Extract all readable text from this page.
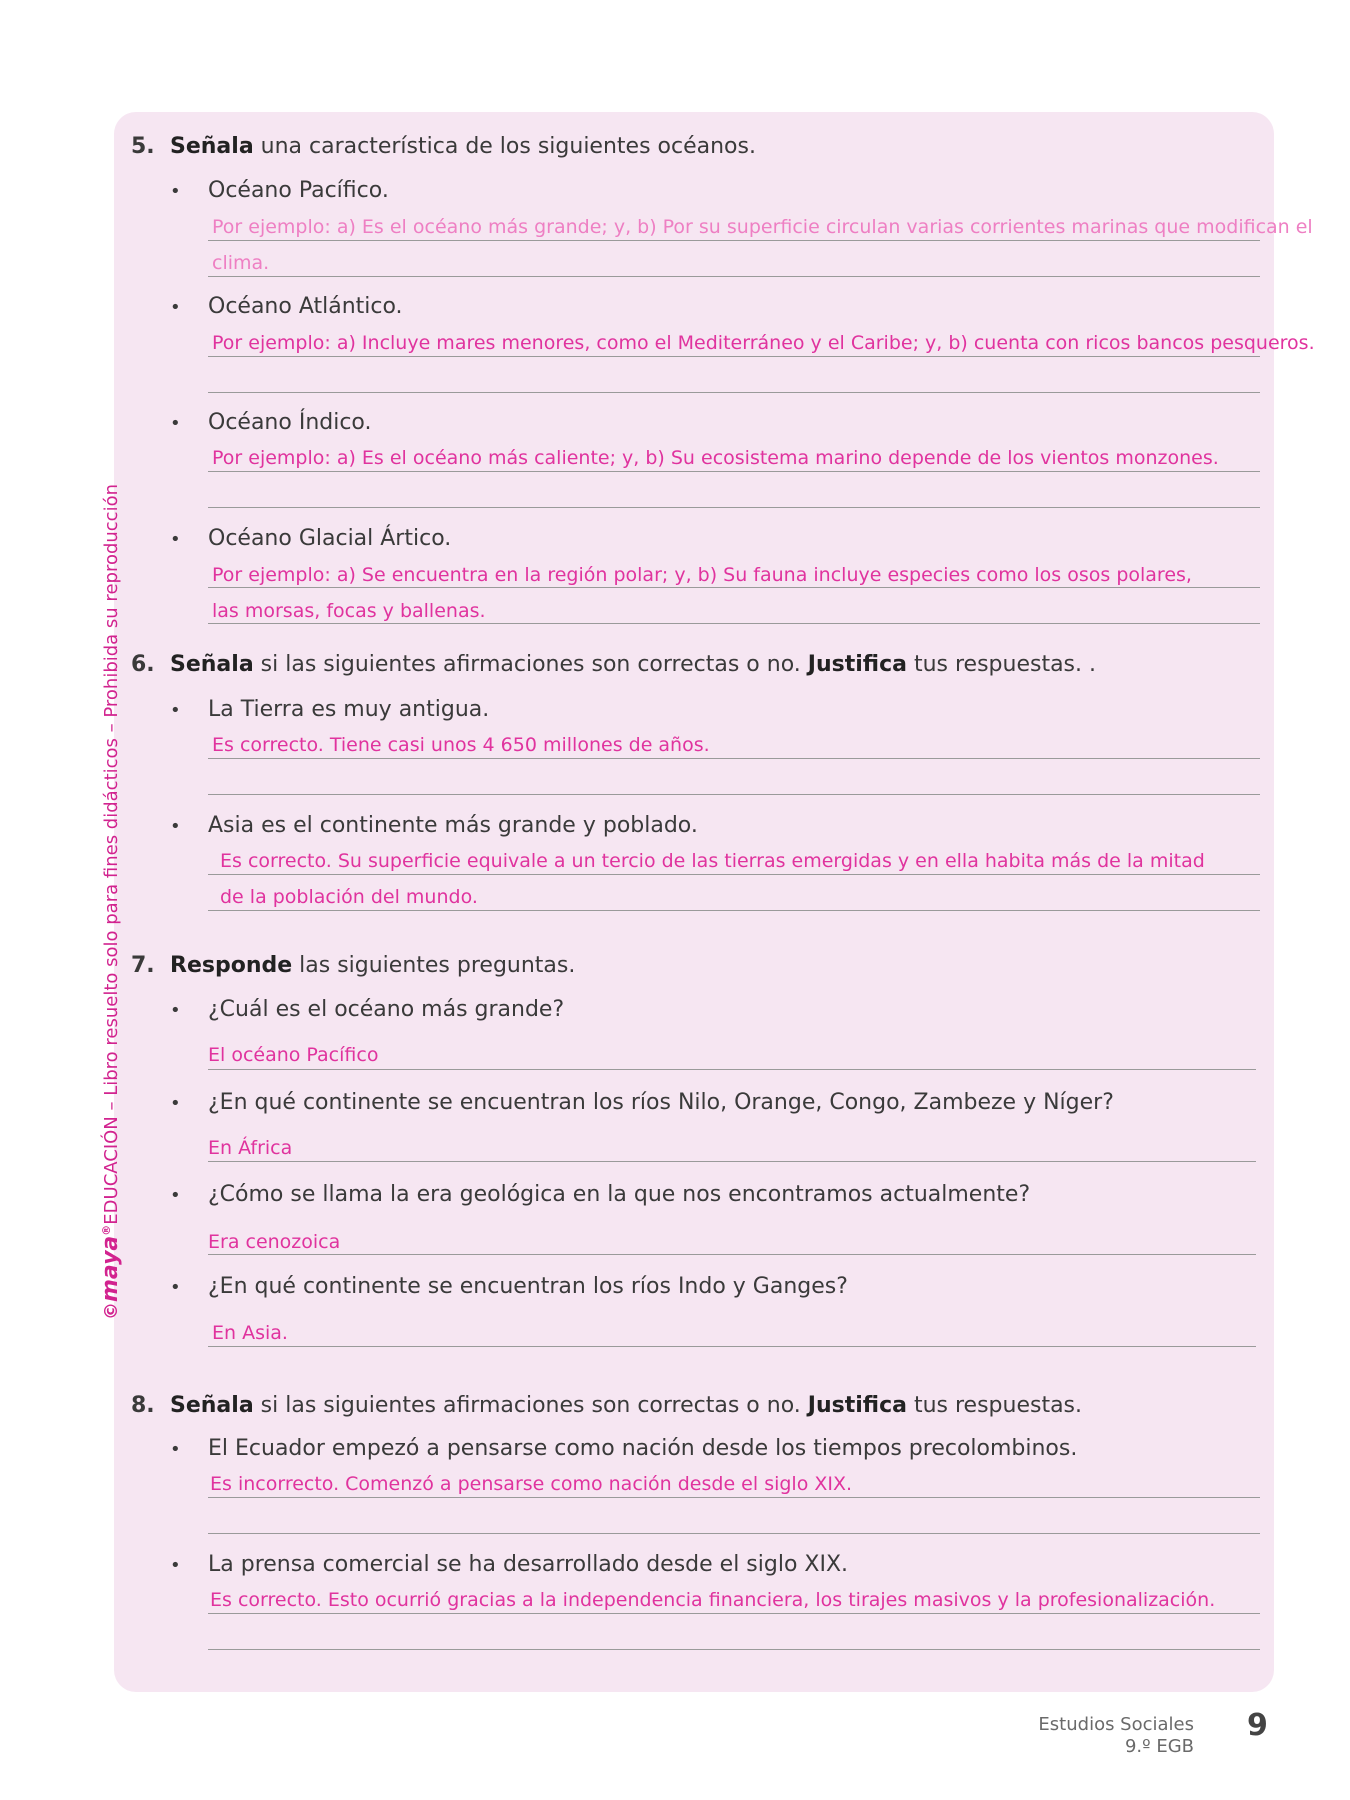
©maya®EDUCACIÓN – Libro resuelto solo para fines didácticos – Prohibida su reproducción
5. Señala una característica de los siguientes océanos.
• Océano Pacífico.
Por ejemplo: a) Es el océano más grande; y, b) Por su superficie circulan varias corrientes marinas que modifican el
clima.
• Océano Atlántico.
Por ejemplo: a) Incluye mares menores, como el Mediterráneo y el Caribe; y, b) cuenta con ricos bancos pesqueros.
• Océano Índico.
Por ejemplo: a) Es el océano más caliente; y, b) Su ecosistema marino depende de los vientos monzones.
• Océano Glacial Ártico.
Por ejemplo: a) Se encuentra en la región polar; y, b) Su fauna incluye especies como los osos polares,
las morsas, focas y ballenas.
6. Señala si las siguientes afirmaciones son correctas o no. Justifica tus respuestas. .
• La Tierra es muy antigua.
Es correcto. Tiene casi unos 4 650 millones de años.
• Asia es el continente más grande y poblado.
Es correcto. Su superficie equivale a un tercio de las tierras emergidas y en ella habita más de la mitad
de la población del mundo.
7. Responde las siguientes preguntas.
• ¿Cuál es el océano más grande?
El océano Pacífico
• ¿En qué continente se encuentran los ríos Nilo, Orange, Congo, Zambeze y Níger?
En África
• ¿Cómo se llama la era geológica en la que nos encontramos actualmente?
Era cenozoica
• ¿En qué continente se encuentran los ríos Indo y Ganges?
En Asia.
8. Señala si las siguientes afirmaciones son correctas o no. Justifica tus respuestas.
• El Ecuador empezó a pensarse como nación desde los tiempos precolombinos.
Es incorrecto. Comenzó a pensarse como nación desde el siglo XIX.
• La prensa comercial se ha desarrollado desde el siglo XIX.
Es correcto. Esto ocurrió gracias a la independencia financiera, los tirajes masivos y la profesionalización.
Estudios Sociales
9.º EGB
9
